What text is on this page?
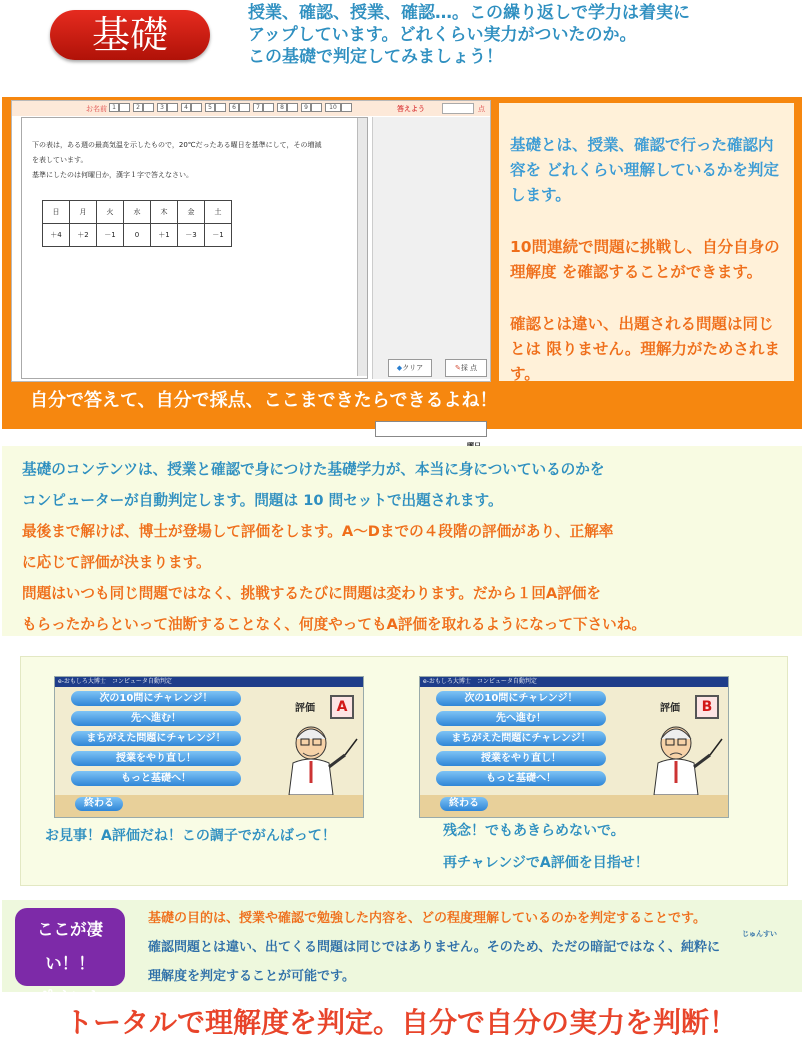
基礎	授業、確認、授業、確認…。この繰り返しで学力は着実に
アップしています。どれくらい実力がついたのか。
この基礎で判定してみましょう！
お名前 1	2	3	4	5	6	7	8	9	10	答えよう	点
下の表は，ある週の最高気温を示したもので，20℃だったある曜日を基準にして，その増減
を表しています。
基準にしたのは何曜日か，漢字１字で答えなさい。
日	月	火	水	木	金	土
＋4	＋2	－1	0	＋1	－3	－1
◆クリア	✎採 点

基礎とは、授業、確認で行った確認内容を どれくらい理解しているかを判定します。

10問連続で問題に挑戦し、自分自身の理解度 を確認することができます。

確認とは違い、出題される問題は同じとは 限りません。理解力がためされます。

自分で答えて、自分で採点、ここまできたらできるよね！

基礎のコンテンツは、授業と確認で身につけた基礎学力が、本当に身についているのかを

コンピューターが自動判定します。問題は 10 問セットで出題されます。

最後まで解けば、博士が登場して評価をします。A～Dまでの４段階の評価があり、正解率

に応じて評価が決まります。

問題はいつも同じ問題ではなく、挑戦するたびに問題は変わります。だから１回A評価を

もらったからといって油断することなく、何度やってもA評価を取れるようになって下さいね。

e-おもしろ大博士　コンピュータ自動判定
次の10問にチャレンジ！
先へ進む！
まちがえた問題にチャレンジ！
授業をやり直し！
もっと基礎へ！
終わる
評価	A
お見事！A評価だね！この調子でがんばって！
e-おもしろ大博士　コンピュータ自動判定
次の10問にチャレンジ！
先へ進む！
まちがえた問題にチャレンジ！
授業をやり直し！
もっと基礎へ！
終わる
評価	B
残念！でもあきらめないで。
再チャレンジでA評価を目指せ！
ここが凄い！！
ポイント
じゅんすい

基礎の目的は、授業や確認で勉強した内容を、どの程度理解しているのかを判定することです。

確認問題とは違い、出てくる問題は同じではありません。そのため、ただの暗記ではなく、純粋に

理解度を判定することが可能です。

トータルで理解度を判定。自分で自分の実力を判断！
